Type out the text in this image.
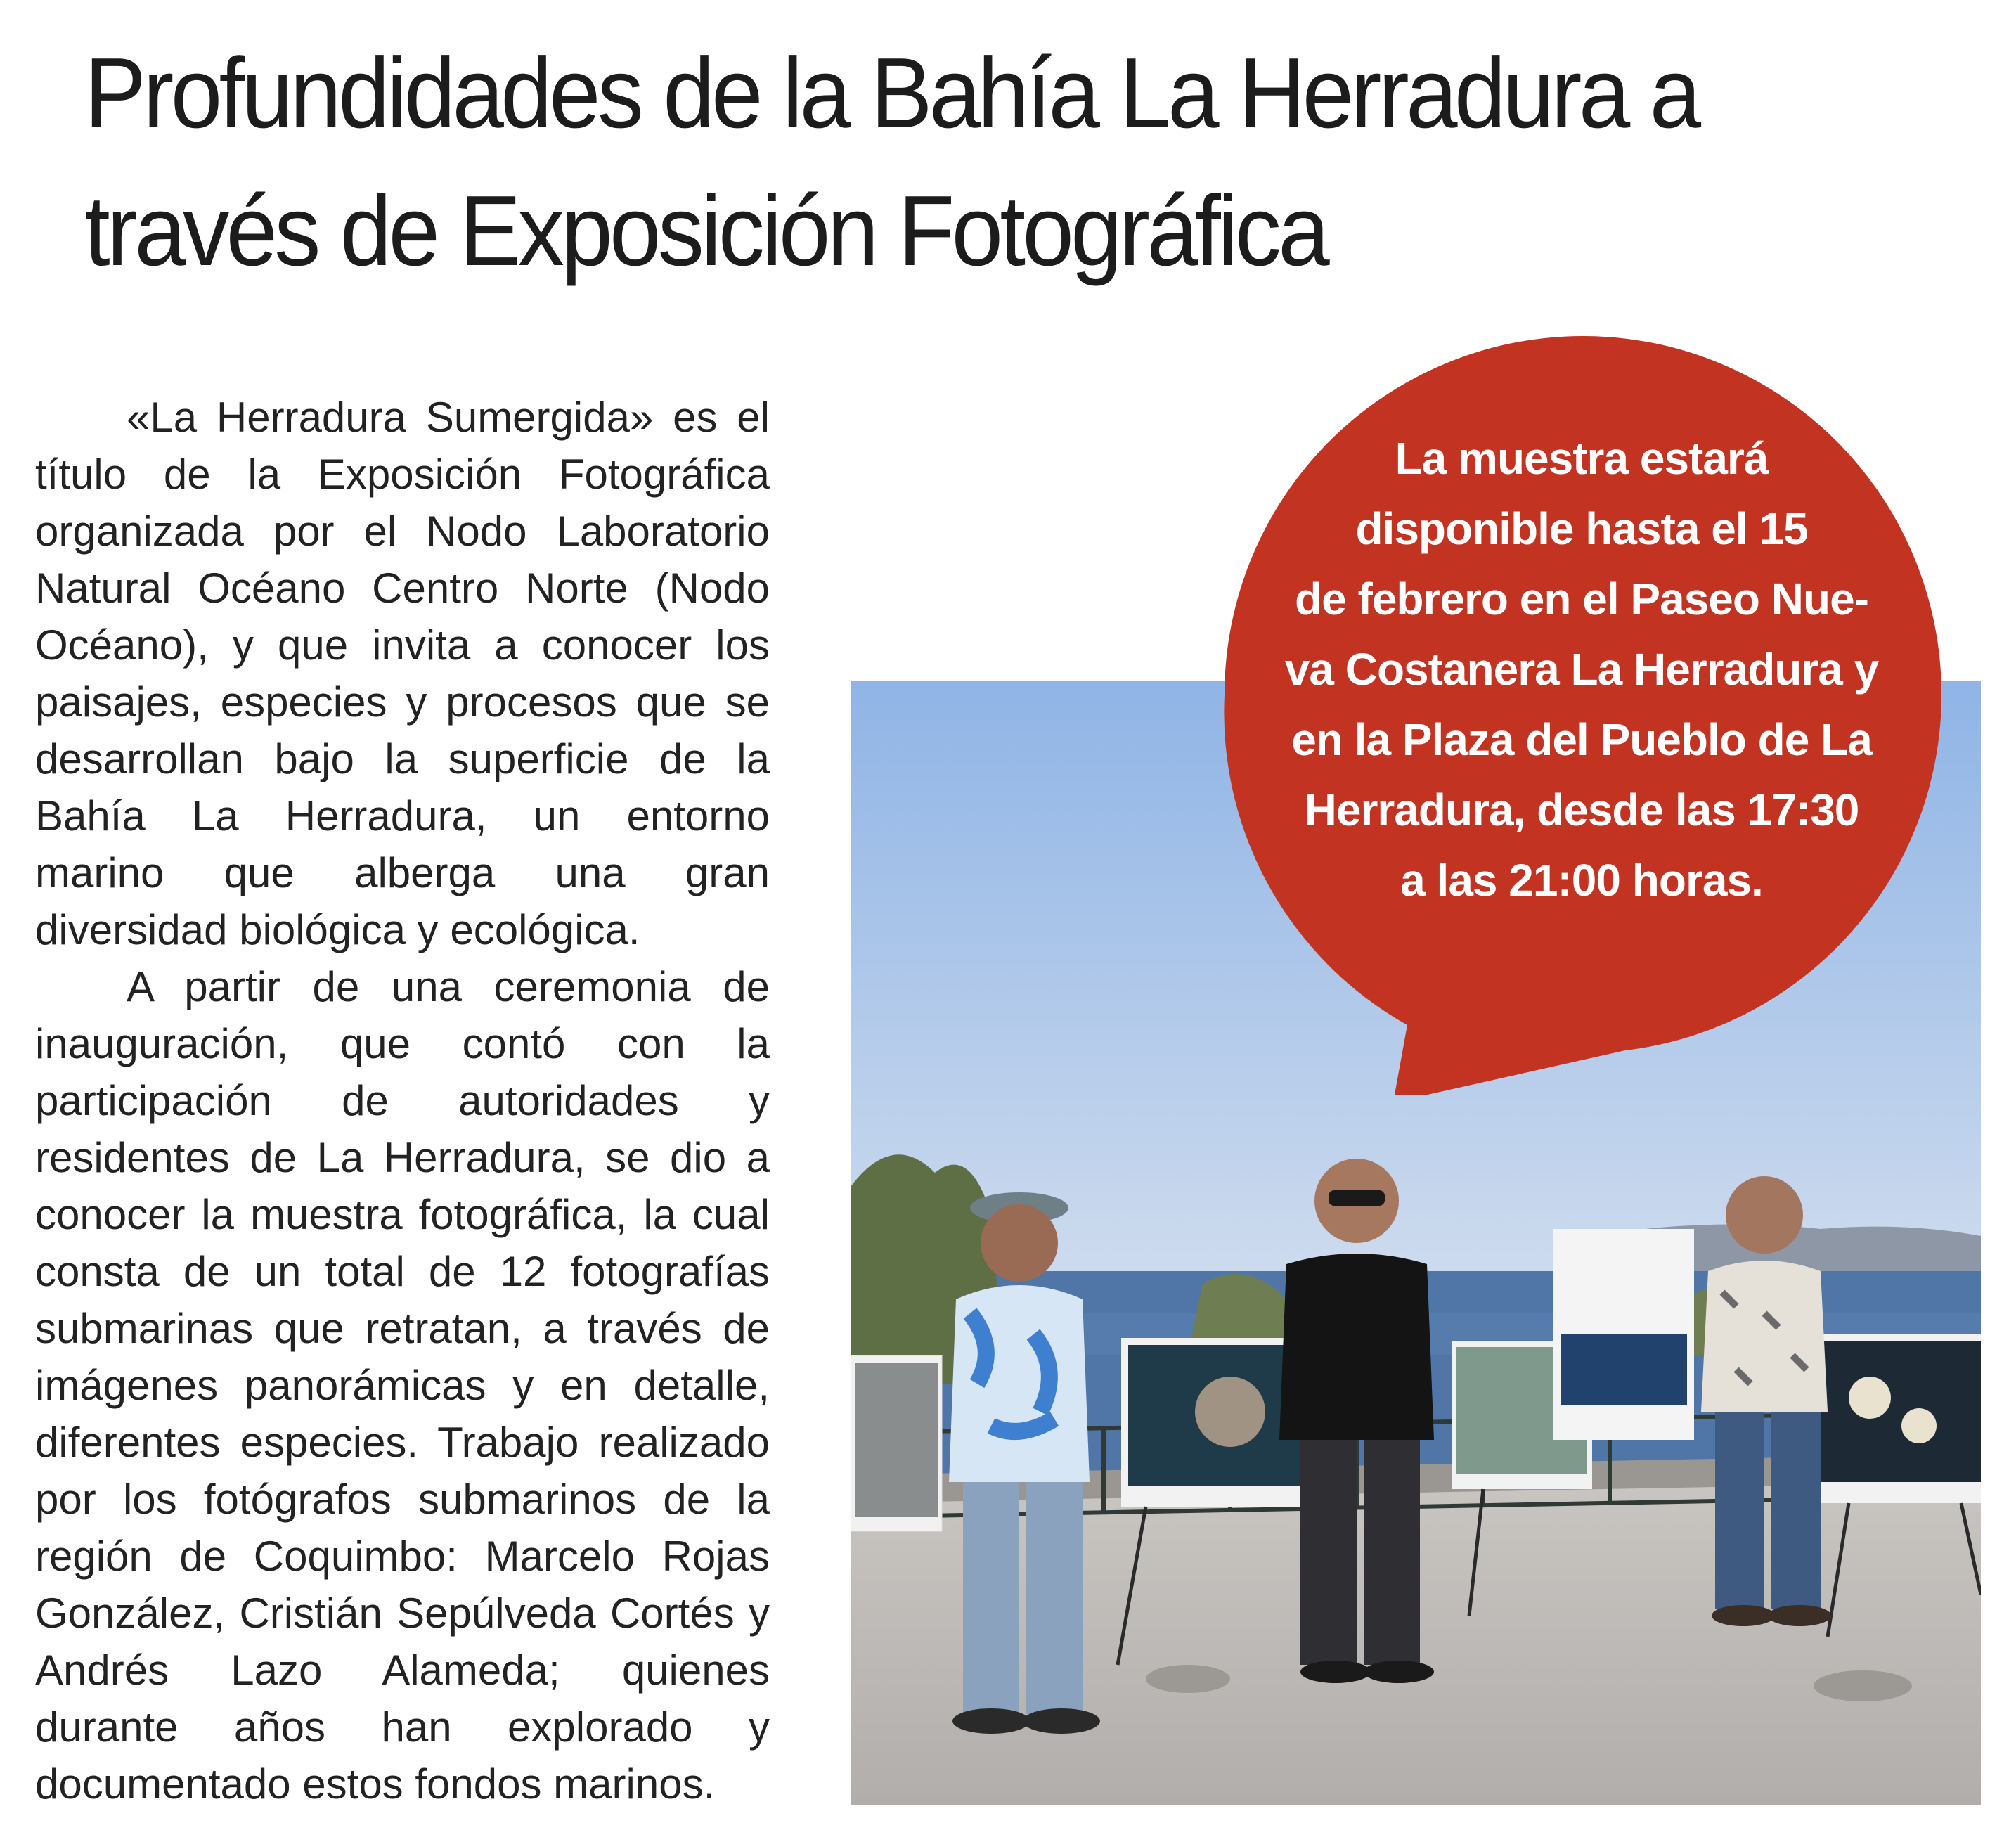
Profundidades de la Bahía La Herradura a
través de Exposición Fotográfica

«La Herradura Sumergida» es el título de la Exposición Fotográfica organizada por el Nodo Laboratorio Natural Océano Centro Norte (Nodo Océano), y que invita a conocer los paisajes, especies y procesos que se desarrollan bajo la superficie de la Bahía La Herradura, un entorno marino que alberga una gran diversidad biológica y ecológica.

A partir de una ceremonia de inauguración, que contó con la participación de autoridades y residentes de La Herradura, se dio a conocer la muestra fotográfica, la cual consta de un total de 12 fotografías submarinas que retratan, a través de imágenes panorámicas y en detalle, diferentes especies. Trabajo realizado por los fotógrafos submarinos de la región de Coquimbo: Marcelo Rojas González, Cristián Sepúlveda Cortés y Andrés Lazo Alameda; quienes durante años han explorado y documentado estos fondos marinos.

La muestra estará
disponible hasta el 15
de febrero en el Paseo Nue-
va Costanera La Herradura y
en la Plaza del Pueblo de La
Herradura, desde las 17:30
a las 21:00 horas.
